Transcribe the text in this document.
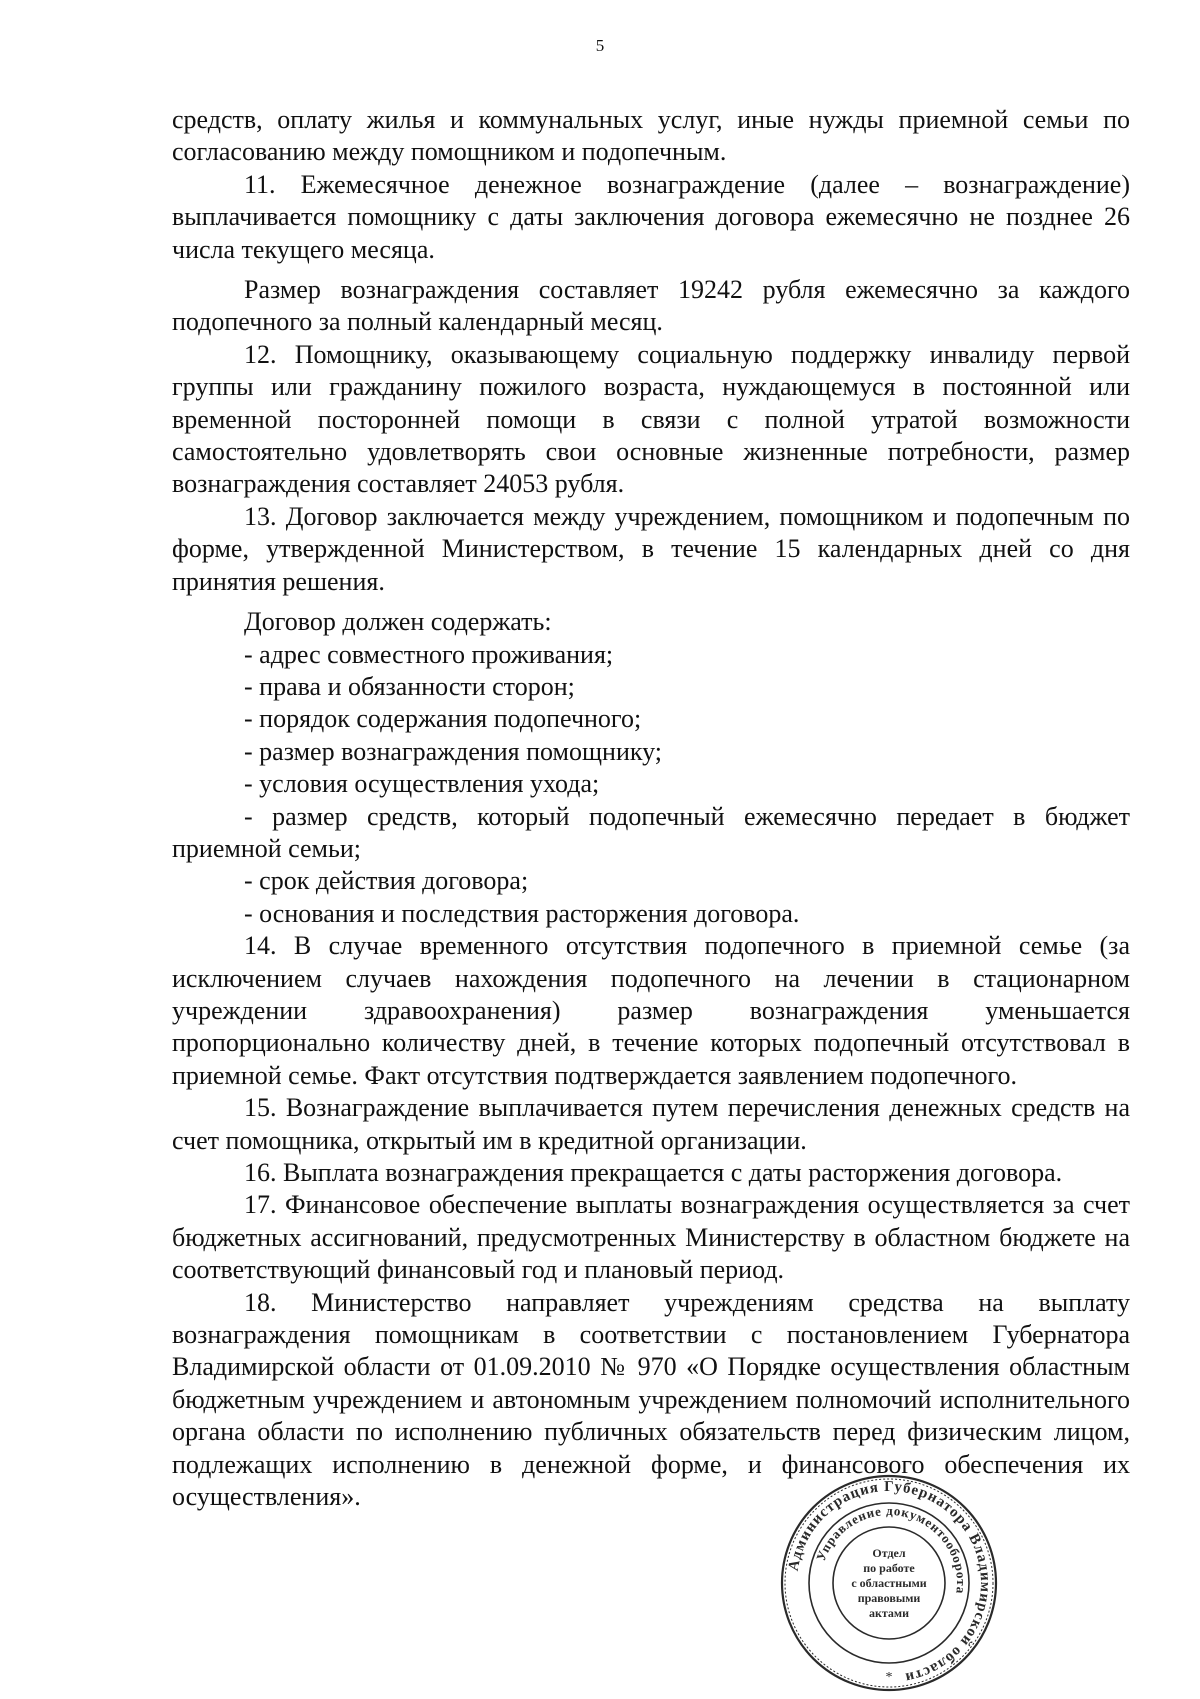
5

средств, оплату жилья и коммунальных услуг, иные нужды приемной семьи по согласованию между помощником и подопечным.

11. Ежемесячное денежное вознаграждение (далее – вознаграждение) выплачивается помощнику с даты заключения договора ежемесячно не позднее 26 числа текущего месяца.

Размер вознаграждения составляет 19242 рубля ежемесячно за каждого подопечного за полный календарный месяц.

12. Помощнику, оказывающему социальную поддержку инвалиду первой группы или гражданину пожилого возраста, нуждающемуся в постоянной или временной посторонней помощи в связи с полной утратой возможности самостоятельно удовлетворять свои основные жизненные потребности, размер вознаграждения составляет 24053 рубля.

13. Договор заключается между учреждением, помощником и подопечным по форме, утвержденной Министерством, в течение 15 календарных дней со дня принятия решения.

Договор должен содержать:

- адрес совместного проживания;

- права и обязанности сторон;

- порядок содержания подопечного;

- размер вознаграждения помощнику;

- условия осуществления ухода;

- размер средств, который подопечный ежемесячно передает в бюджет приемной семьи;

- срок действия договора;

- основания и последствия расторжения договора.

14. В случае временного отсутствия подопечного в приемной семье (за исключением случаев нахождения подопечного на лечении в стационарном учреждении здравоохранения) размер вознаграждения уменьшается пропорционально количеству дней, в течение которых подопечный отсутствовал в приемной семье. Факт отсутствия подтверждается заявлением подопечного.

15. Вознаграждение выплачивается путем перечисления денежных средств на счет помощника, открытый им в кредитной организации.

16. Выплата вознаграждения прекращается с даты расторжения договора.

17. Финансовое обеспечение выплаты вознаграждения осуществляется за счет бюджетных ассигнований, предусмотренных Министерству в областном бюджете на соответствующий финансовый год и плановый период.

18. Министерство направляет учреждениям средства на выплату вознаграждения помощникам в соответствии с постановлением Губернатора Владимирской области от 01.09.2010 № 970 «О Порядке осуществления областным бюджетным учреждением и автономным учреждением полномочий исполнительного органа области по исполнению публичных обязательств перед физическим лицом, подлежащих исполнению в денежной форме, и финансового обеспечения их осуществления».

Администрация Губернатора Владимирской области
Управление документооборота
Отдел
по работе
с областными
правовыми
актами
*
